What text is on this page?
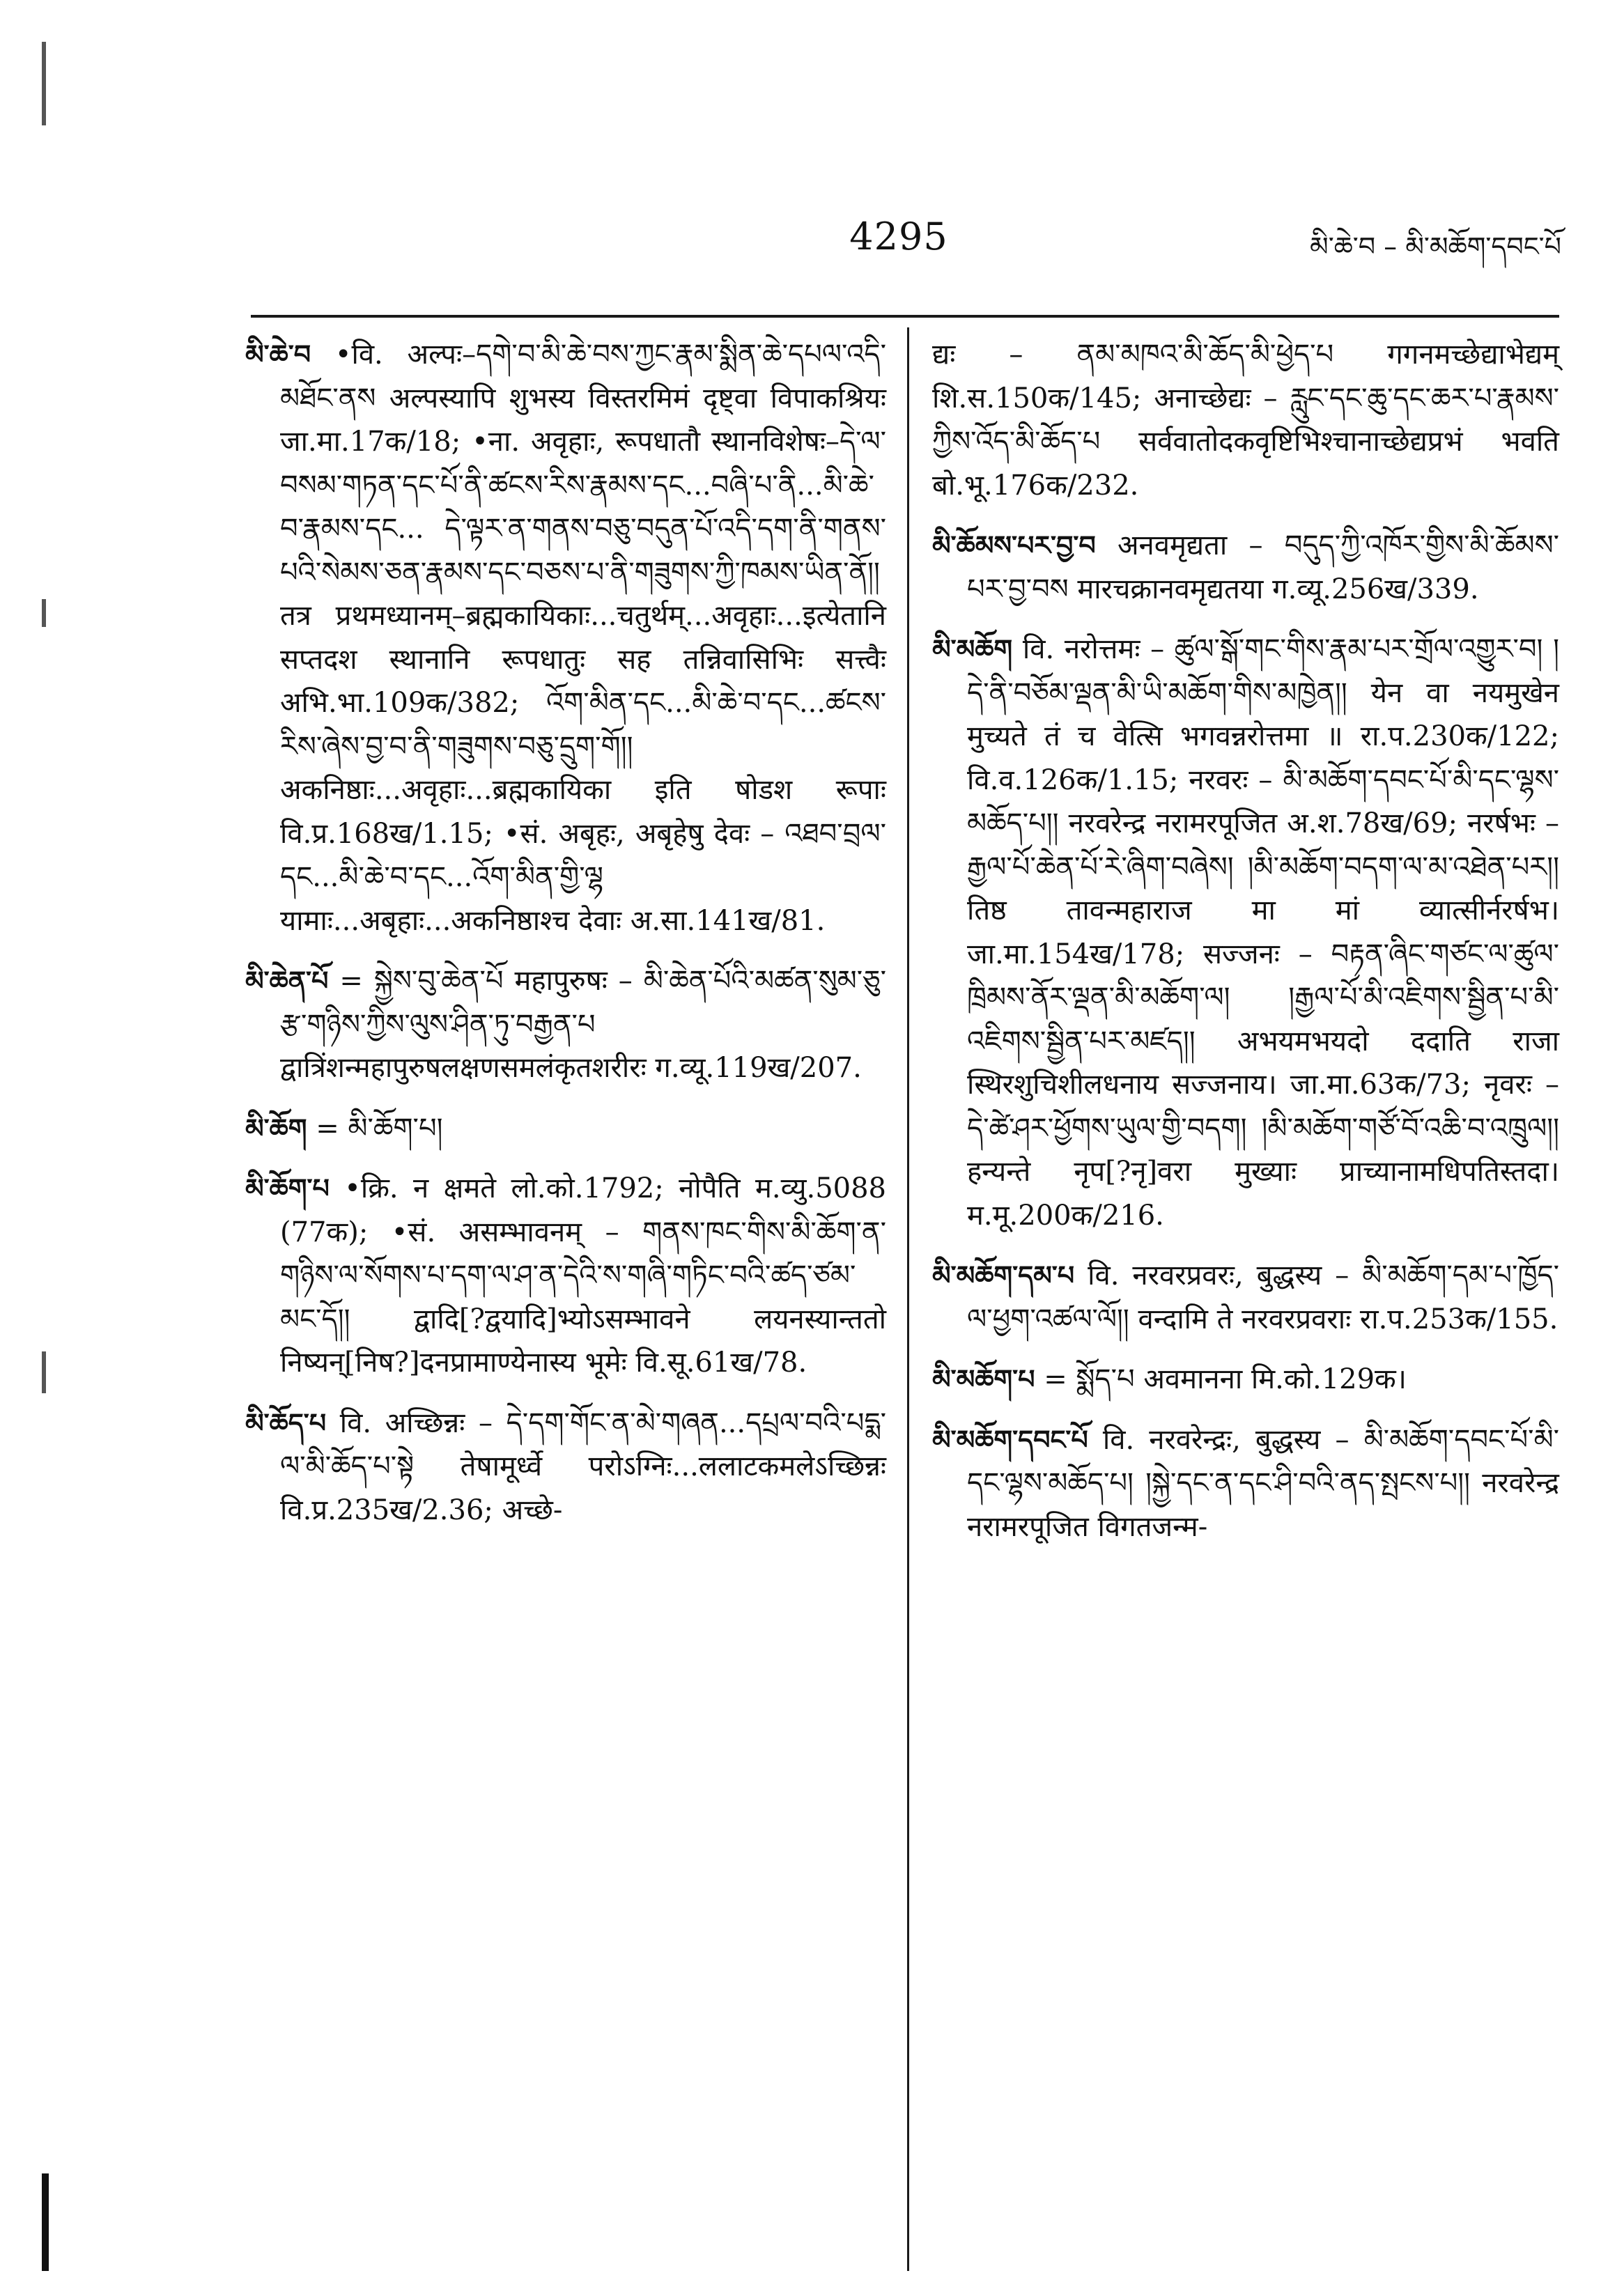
4295	མི་ཆེ་བ – མི་མཆོག་དབང་པོ

མི་ཆེ་བ •वि. अल्पः–དགེ་བ་མི་ཆེ་བས་ཀྱང་རྣམ་སྨིན་ཆེ་དཔལ་འདི་མཐོང་ནས अल्पस्यापि शुभस्य विस्तरमिमं दृष्ट्वा विपाकश्रियः जा.मा.17क/18; •ना. अवृहाः, रूपधातौ स्थानविशेषः–དེ་ལ་བསམ་གཏན་དང་པོ་ནི་ཚངས་རིས་རྣམས་དང...བཞི་པ་ནི...མི་ཆེ་བ་རྣམས་དང... དེ་ལྟར་ན་གནས་བཅུ་བདུན་པོ་འདི་དག་ནི་གནས་པའི་སེམས་ཅན་རྣམས་དང་བཅས་པ་ནི་གཟུགས་ཀྱི་ཁམས་ཡིན་ནོ།། तत्र प्रथमध्यानम्–ब्रह्मकायिकाः...चतुर्थम्...अवृहाः...इत्येतानि सप्तदश स्थानानि रूपधातुः सह तन्निवासिभिः सत्त्वैः अभि.भा.109क/382; འོག་མིན་དང...མི་ཆེ་བ་དང...ཚངས་རིས་ཞེས་བྱ་བ་ནི་གཟུགས་བཅུ་དྲུག་གོ།། अकनिष्ठाः...अवृहाः...ब्रह्मकायिका इति षोडश रूपाः वि.प्र.168ख/1.15; •सं. अबृहः, अबृहेषु देवः – འཐབ་བྲལ་དང...མི་ཆེ་བ་དང...འོག་མིན་གྱི་ལྷ यामाः...अबृहाः...अकनिष्ठाश्च देवाः अ.सा.141ख/81.

མི་ཆེན་པོ = སྐྱེས་བུ་ཆེན་པོ महापुरुषः – མི་ཆེན་པོའི་མཚན་སུམ་ཅུ་རྩ་གཉིས་ཀྱིས་ལུས་ཤིན་ཏུ་བརྒྱན་པ द्वात्रिंशन्महापुरुषलक्षणसमलंकृतशरीरः ग.व्यू.119ख/207.

མི་ཆོག = མི་ཆོག་པ།

མི་ཆོག་པ •क्रि. न क्षमते लो.को.1792; नोपैति म.व्यु.5088 (77क); •सं. असम्भावनम् – གནས་ཁང་གིས་མི་ཆོག་ན་གཉིས་ལ་སོགས་པ་དག་ལ་ཤ་ན་དེའི་ས་གཞི་གཏིང་བའི་ཚད་ཙམ་མང་དོ།། द्वादि[?द्वयादि]भ्योऽसम्भावने लयनस्यान्ततो निष्यन्[निष?]दनप्रामाण्येनास्य भूमेः वि.सू.61ख/78.

མི་ཆོད་པ वि. अच्छिन्नः – དེ་དག་གོང་ན་མེ་གཞན...དཔྲལ་བའི་པདྨ་ལ་མི་ཆོད་པ་སྟེ तेषामूर्ध्वे परोऽग्निः...ललाटकमलेऽच्छिन्नः वि.प्र.235ख/2.36; अच्छे-

द्यः – ནམ་མཁའ་མི་ཆོད་མི་ཕྱེད་པ गगनमच्छेद्याभेद्यम् शि.स.150क/145; अनाच्छेद्यः – རླུང་དང་ཆུ་དང་ཆར་པ་རྣམས་ཀྱིས་འོད་མི་ཆོད་པ सर्ववातोदकवृष्टिभिश्चानाच्छेद्यप्रभं भवति बो.भू.176क/232.

མི་ཆོམས་པར་བྱ་བ अनवमृद्यता – བདུད་ཀྱི་འཁོར་གྱིས་མི་ཆོམས་པར་བྱ་བས मारचक्रानवमृद्यतया ग.व्यू.256ख/339.

མི་མཆོག वि. नरोत्तमः – ཚུལ་སྒོ་གང་གིས་རྣམ་པར་གྲོལ་འགྱུར་བ། །དེ་ནི་བཅོམ་ལྡན་མི་ཡི་མཆོག་གིས་མཁྱེན།། येन वा नयमुखेन मुच्यते तं च वेत्सि भगवन्नरोत्तमा ॥ रा.प.230क/122; वि.व.126क/1.15; नरवरः – མི་མཆོག་དབང་པོ་མི་དང་ལྷས་མཆོད་པ།། नरवरेन्द्र नरामरपूजित अ.श.78ख/69; नरर्षभः – རྒྱལ་པོ་ཆེན་པོ་རེ་ཞིག་བཞེས། །མི་མཆོག་བདག་ལ་མ་འཐེན་པར།། तिष्ठ तावन्महाराज मा मां व्यात्सीर्नरर्षभ। जा.मा.154ख/178; सज्जनः – བརྟན་ཞིང་གཙང་ལ་ཚུལ་ཁྲིམས་ནོར་ལྡན་མི་མཆོག་ལ། །རྒྱལ་པོ་མི་འཇིགས་སྦྱིན་པ་མི་འཇིགས་སྦྱིན་པར་མཛད།། अभयमभयदो ददाति राजा स्थिरशुचिशीलधनाय सज्जनाय। जा.मा.63क/73; नृवरः – དེ་ཚེ་ཤར་ཕྱོགས་ཡུལ་གྱི་བདག། །མི་མཆོག་གཙོ་བོ་འཆི་བ་འཁྲུལ།། हन्यन्ते नृप[?नृ]वरा मुख्याः प्राच्यानामधिपतिस्तदा। म.मू.200क/216.

མི་མཆོག་དམ་པ वि. नरवरप्रवरः, बुद्धस्य – མི་མཆོག་དམ་པ་ཁྱོད་ལ་ཕྱག་འཚལ་ལོ།། वन्दामि ते नरवरप्रवराः रा.प.253क/155.

མི་མཆོག་པ = སྨོད་པ अवमानना मि.को.129क।

མི་མཆོག་དབང་པོ वि. नरवरेन्द्रः, बुद्धस्य – མི་མཆོག་དབང་པོ་མི་དང་ལྷས་མཆོད་པ། །སྐྱེ་དང་ན་དང་ཤི་བའི་ནད་སྤངས་པ།། नरवरेन्द्र नरामरपूजित विगतजन्म-
